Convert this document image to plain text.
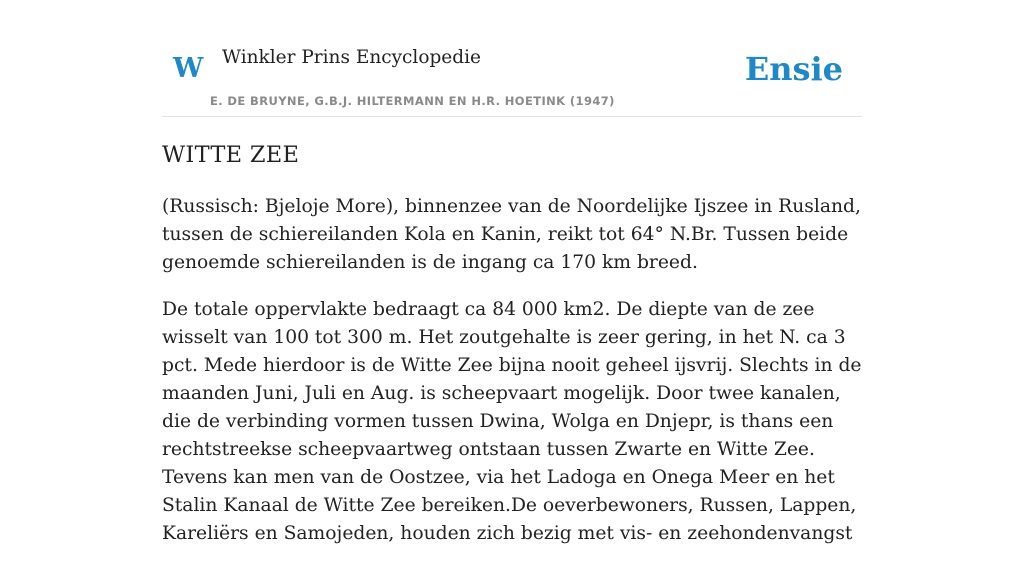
W Winkler Prins Encyclopedie
E. DE BRUYNE, G.B.J. HILTERMANN EN H.R. HOETINK (1947)
Ensie
WITTE ZEE

(Russisch: Bjeloje More), binnenzee van de Noordelijke Ijszee in Rusland, tussen de schiereilanden Kola en Kanin, reikt tot 64° N.Br. Tussen beide genoemde schiereilanden is de ingang ca 170 km breed.

De totale oppervlakte bedraagt ca 84 000 km2. De diepte van de zee wisselt van 100 tot 300 m. Het zoutgehalte is zeer gering, in het N. ca 3 pct. Mede hierdoor is de Witte Zee bijna nooit geheel ijsvrij. Slechts in de maanden Juni, Juli en Aug. is scheepvaart mogelijk. Door twee kanalen, die de verbinding vormen tussen Dwina, Wolga en Dnjepr, is thans een rechtstreekse scheepvaartweg ontstaan tussen Zwarte en Witte Zee. Tevens kan men van de Oostzee, via het Ladoga en Onega Meer en het Stalin Kanaal de Witte Zee bereiken.De oeverbewoners, Russen, Lappen, Kareliërs en Samojeden, houden zich bezig met vis- en zeehondenvangst
